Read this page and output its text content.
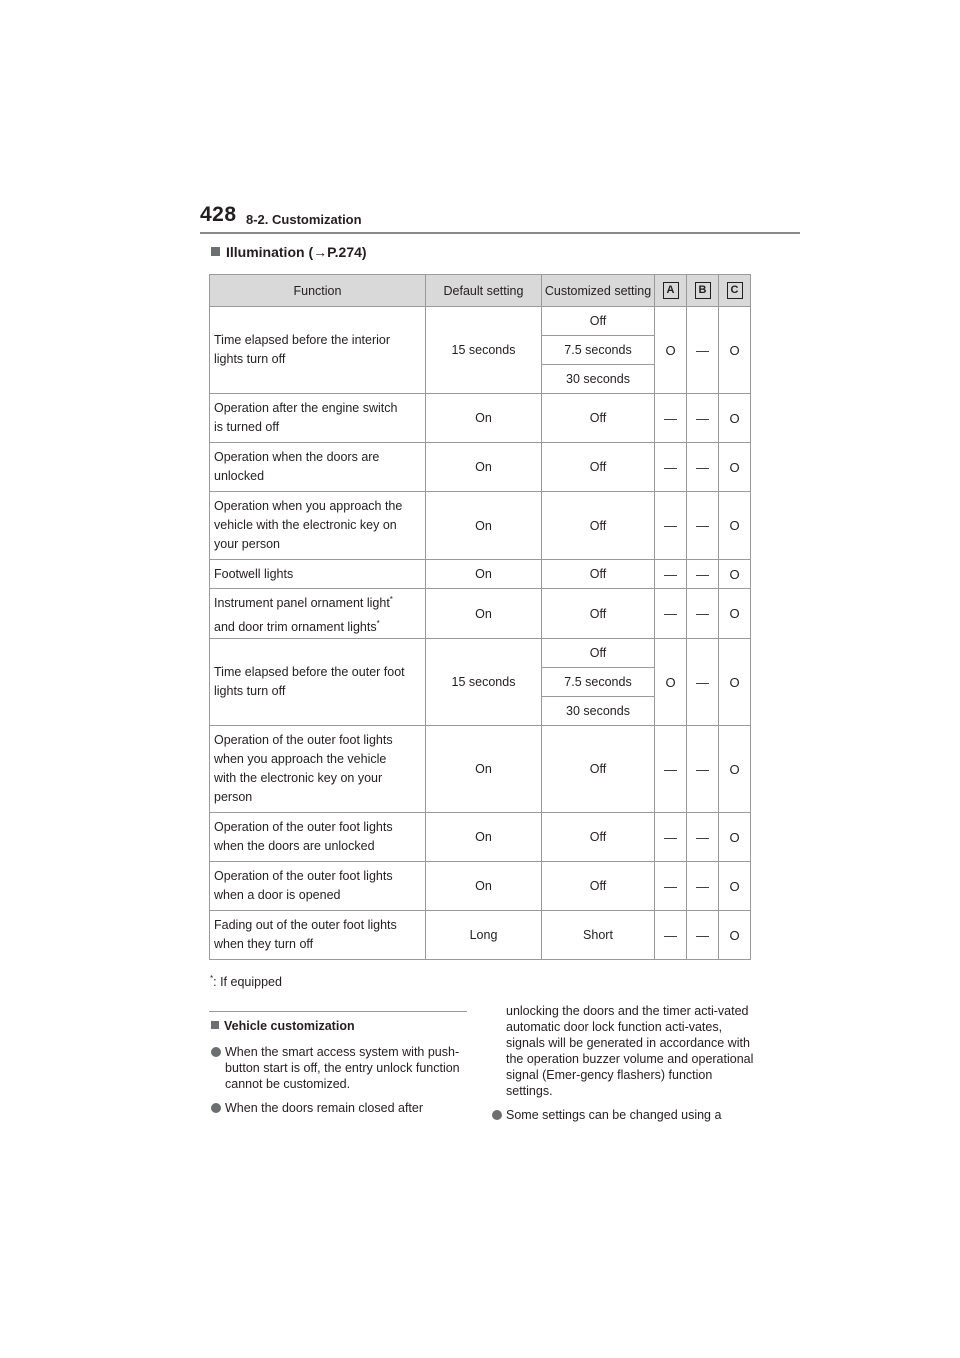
428 8-2. Customization
Illumination (→P.274)
Function	Default setting	Customized setting	A	B	C
Time elapsed before the interior
lights turn off	15 seconds	Off	O	—	O
		7.5 seconds			
		30 seconds			
Operation after the engine switch
is turned off	On	Off	—	—	O
Operation when the doors are
unlocked	On	Off	—	—	O
Operation when you approach the
vehicle with the electronic key on
your person	On	Off	—	—	O
Footwell lights	On	Off	—	—	O
Instrument panel ornament light*
and door trim ornament lights*	On	Off	—	—	O
Time elapsed before the outer foot
lights turn off	15 seconds	Off	O	—	O
		7.5 seconds			
		30 seconds			
Operation of the outer foot lights
when you approach the vehicle
with the electronic key on your
person	On	Off	—	—	O
Operation of the outer foot lights
when the doors are unlocked	On	Off	—	—	O
Operation of the outer foot lights
when a door is opened	On	Off	—	—	O
Fading out of the outer foot lights
when they turn off	Long	Short	—	—	O
*: If equipped
Vehicle customization
When the smart access system with push-button start is off, the entry unlock function cannot be customized.
When the doors remain closed after
unlocking the doors and the timer acti-vated automatic door lock function acti-vates, signals will be generated in accordance with the operation buzzer volume and operational signal (Emer-gency flashers) function settings.
Some settings can be changed using a
